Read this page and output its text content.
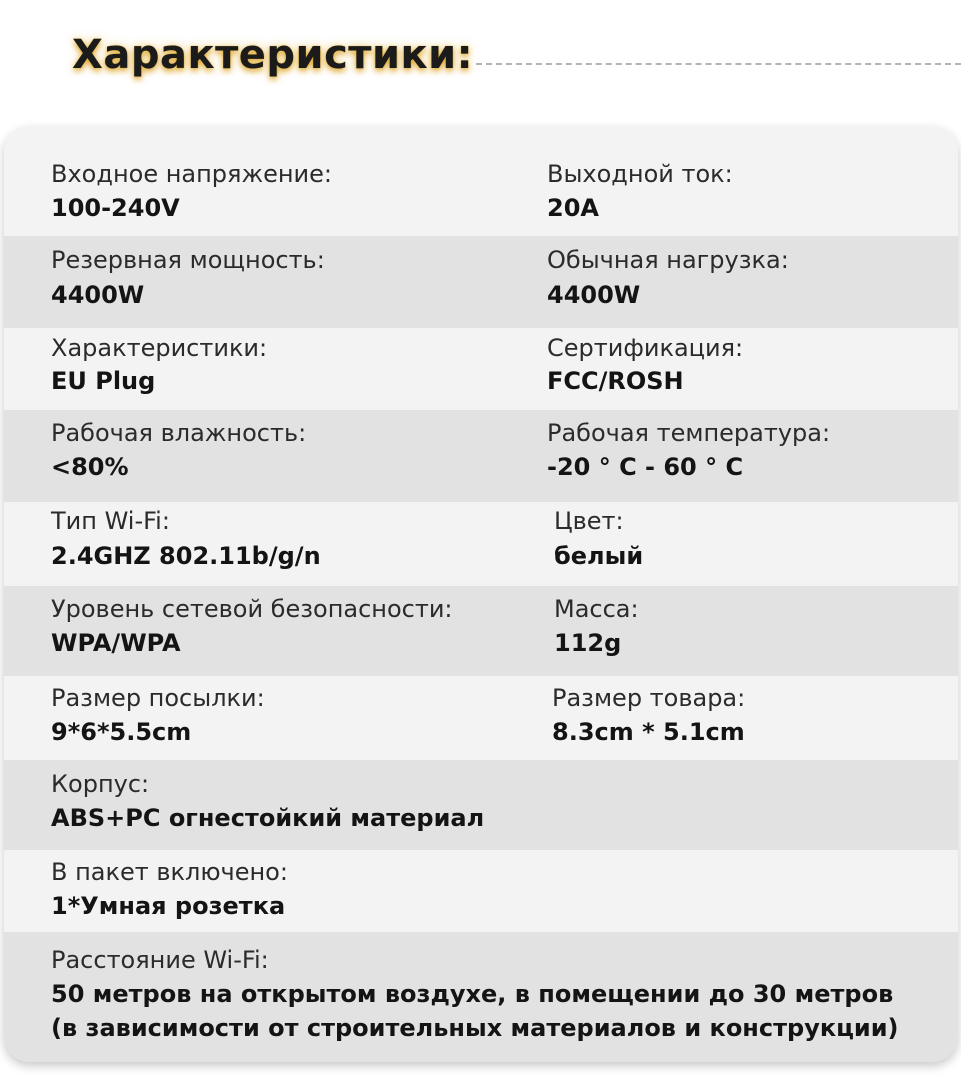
Характеристики:
Входное напряжение:
100-240V
Выходной ток:
20A
Резервная мощность:
4400W
Обычная нагрузка:
4400W
Характеристики:
EU Plug
Сертификация:
FCC/ROSH
Рабочая влажность:
<80%
Рабочая температура:
-20 ° C - 60 ° C
Тип Wi-Fi:
2.4GHZ 802.11b/g/n
Цвет:
белый
Уровень сетевой безопасности:
WPA/WPA
Масса:
112g
Размер посылки:
9*6*5.5cm
Размер товара:
8.3cm * 5.1cm
Корпус:
ABS+PC огнестойкий материал
В пакет включено:
1*Умная розетка
Расстояние Wi-Fi:
50 метров на открытом воздухе, в помещении до 30 метров
(в зависимости от строительных материалов и конструкции)
